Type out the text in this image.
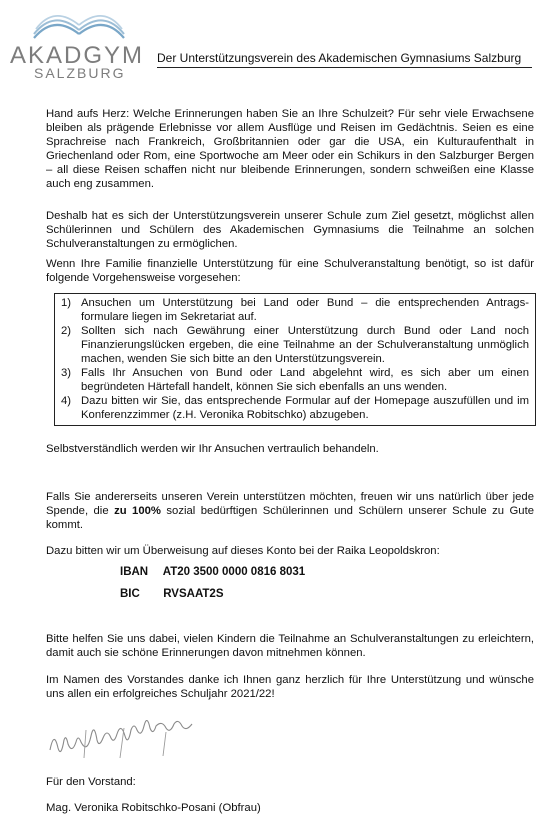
AKADGYM
SALZBURG
Der Unterstützungsverein des Akademischen Gymnasiums Salzburg

Hand aufs Herz: Welche Erinnerungen haben Sie an Ihre Schulzeit? Für sehr viele Erwachsene bleiben als prägende Erlebnisse vor allem Ausflüge und Reisen im Gedächtnis. Seien es eine Sprachreise nach Frankreich, Großbritannien oder gar die USA, ein Kulturaufenthalt in Griechenland oder Rom, eine Sportwoche am Meer oder ein Schikurs in den Salzburger Bergen – all diese Reisen schaffen nicht nur bleibende Erinnerungen, sondern schweißen eine Klasse auch eng zusammen.

Deshalb hat es sich der Unterstützungsverein unserer Schule zum Ziel gesetzt, möglichst allen Schülerinnen und Schülern des Akademischen Gymnasiums die Teilnahme an solchen Schulveranstaltungen zu ermöglichen.

Wenn Ihre Familie finanzielle Unterstützung für eine Schulveranstaltung benötigt, so ist dafür folgende Vorgehensweise vorgesehen:

1) Ansuchen um Unterstützung bei Land oder Bund – die entsprechenden Antrags-formulare liegen im Sekretariat auf.
2) Sollten sich nach Gewährung einer Unterstützung durch Bund oder Land noch Finanzierungslücken ergeben, die eine Teilnahme an der Schulveranstaltung unmöglich machen, wenden Sie sich bitte an den Unterstützungsverein.
3) Falls Ihr Ansuchen von Bund oder Land abgelehnt wird, es sich aber um einen begründeten Härtefall handelt, können Sie sich ebenfalls an uns wenden.
4) Dazu bitten wir Sie, das entsprechende Formular auf der Homepage auszufüllen und im Konferenzzimmer (z.H. Veronika Robitschko) abzugeben.

Selbstverständlich werden wir Ihr Ansuchen vertraulich behandeln.

Falls Sie andererseits unseren Verein unterstützen möchten, freuen wir uns natürlich über jede Spende, die zu 100% sozial bedürftigen Schülerinnen und Schülern unserer Schule zu Gute kommt.

Dazu bitten wir um Überweisung auf dieses Konto bei der Raika Leopoldskron:

IBAN AT20 3500 0000 0816 8031
BIC RVSAAT2S

Bitte helfen Sie uns dabei, vielen Kindern die Teilnahme an Schulveranstaltungen zu erleichtern, damit auch sie schöne Erinnerungen davon mitnehmen können.

Im Namen des Vorstandes danke ich Ihnen ganz herzlich für Ihre Unterstützung und wünsche uns allen ein erfolgreiches Schuljahr 2021/22!

Für den Vorstand:
Mag. Veronika Robitschko-Posani (Obfrau)
